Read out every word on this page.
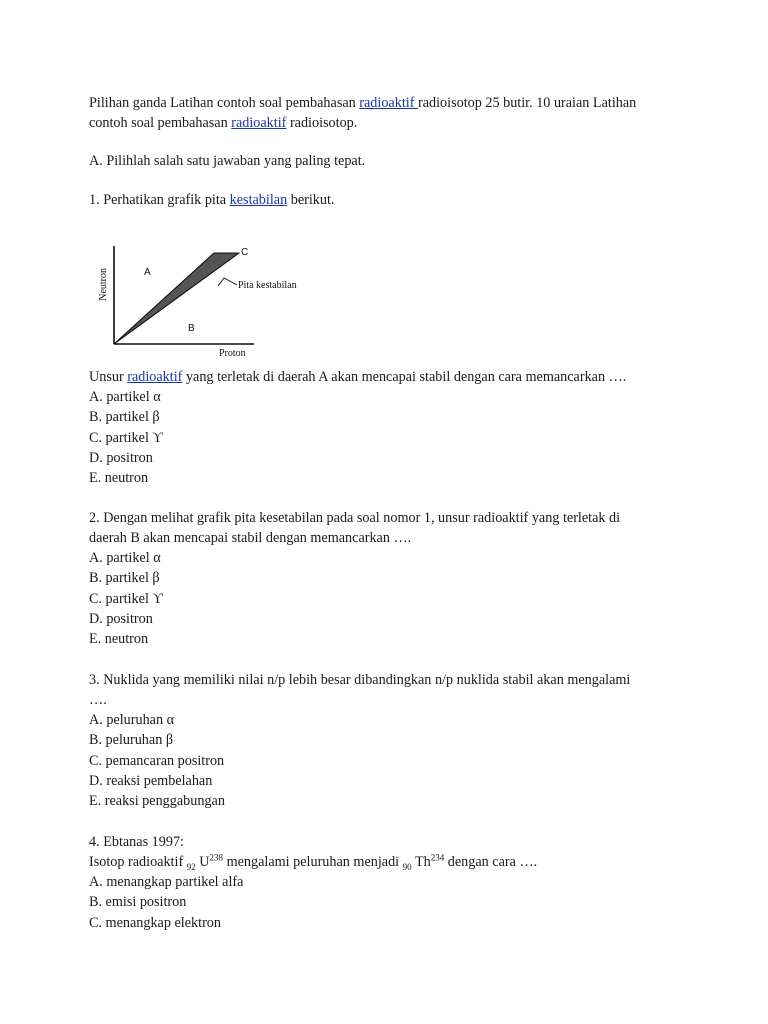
Pilihan ganda Latihan contoh soal pembahasan radioaktif radioisotop 25 butir. 10 uraian Latihan
contoh soal pembahasan radioaktif radioisotop.
A. Pilihlah salah satu jawaban yang paling tepat.
1. Perhatikan grafik pita kestabilan berikut.
Neutron
Proton
A
B
C
Pita kestabilan
Unsur radioaktif yang terletak di daerah A akan mencapai stabil dengan cara memancarkan ….
A. partikel α
B. partikel β
C. partikel ϒ
D. positron
E. neutron
2. Dengan melihat grafik pita kesetabilan pada soal nomor 1, unsur radioaktif yang terletak di
daerah B akan mencapai stabil dengan memancarkan ….
A. partikel α
B. partikel β
C. partikel ϒ
D. positron
E. neutron
3. Nuklida yang memiliki nilai n/p lebih besar dibandingkan n/p nuklida stabil akan mengalami
….
A. peluruhan α
B. peluruhan β
C. pemancaran positron
D. reaksi pembelahan
E. reaksi penggabungan
4. Ebtanas 1997:
Isotop radioaktif $_{92}$ $U^{238}$ mengalami peluruhan menjadi $_{90}$ Th$^{234}$ dengan cara ….
A. menangkap partikel alfa
B. emisi positron
C. menangkap elektron
